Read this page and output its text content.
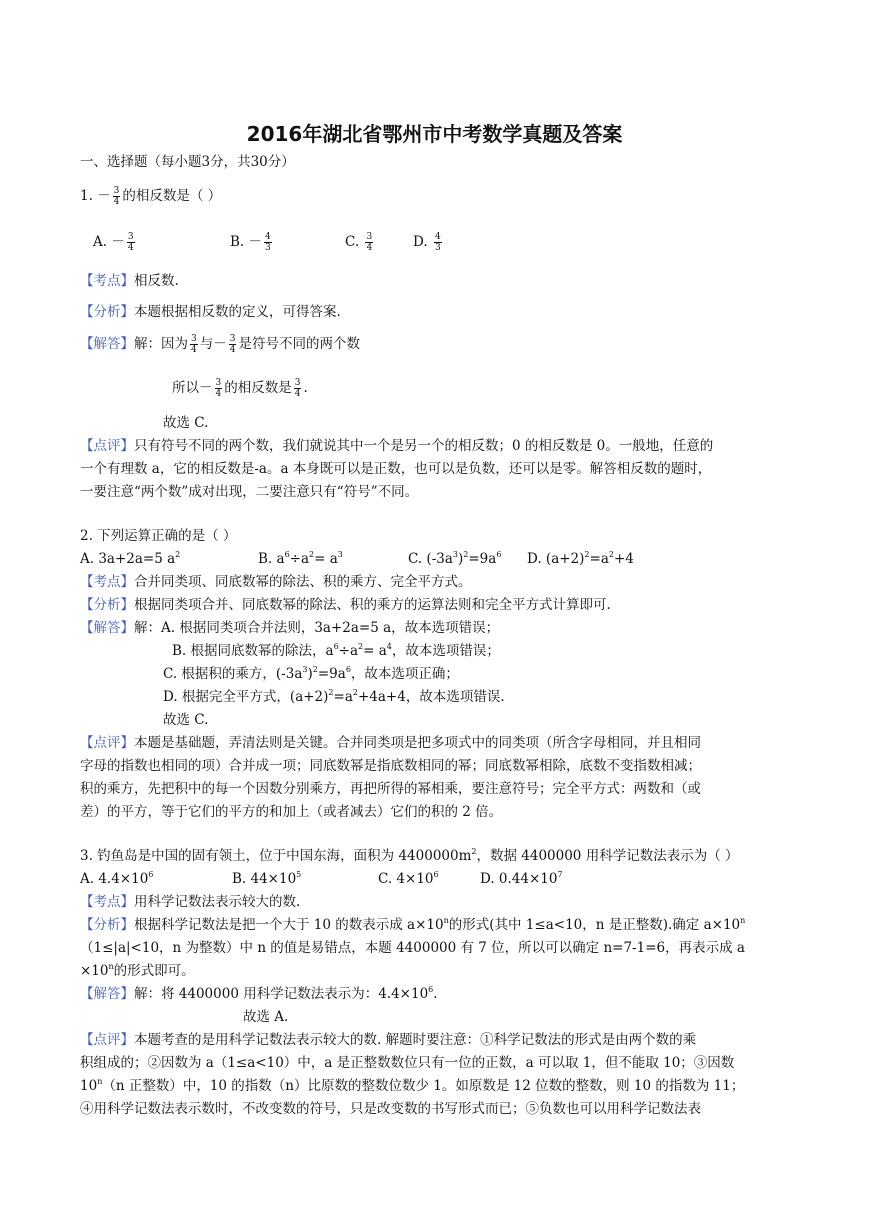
2016年湖北省鄂州市中考数学真题及答案
一、选择题（每小题3分，共30分）
1. － $\frac{3}{4}$ 的相反数是（ ）
A. － $\frac{3}{4}$	B. － $\frac{4}{3}$	C. $\frac{3}{4}$	D. $\frac{4}{3}$
【考点】相反数.
【分析】本题根据相反数的定义，可得答案.
【解答】解：因为 $\frac{3}{4}$ 与－ $\frac{3}{4}$ 是符号不同的两个数
所以－ $\frac{3}{4}$ 的相反数是 $\frac{3}{4}$ .
故选 C.
【点评】只有符号不同的两个数，我们就说其中一个是另一个的相反数；0 的相反数是 0。一般地，任意的
一个有理数 a，它的相反数是-a。a 本身既可以是正数，也可以是负数，还可以是零。解答相反数的题时，
一要注意“两个数”成对出现，二要注意只有“符号”不同。
2. 下列运算正确的是（ ）
A. 3a+2a=5 $a^2$	B. $a^6\div a^2= a^3$	C. $(-3a^3)^2=9a^6$ D. $(a+2)^2=a^2+4$
【考点】合并同类项、同底数幂的除法、积的乘方、完全平方式。
【分析】根据同类项合并、同底数幂的除法、积的乘方的运算法则和完全平方式计算即可.
【解答】解：A. 根据同类项合并法则，3a+2a=5 a，故本选项错误；
B. 根据同底数幂的除法，$a^6\div a^2= a^4$，故本选项错误；
C. 根据积的乘方，$(-3a^3)^2=9a^6$，故本选项正确；
D. 根据完全平方式，$(a+2)^2=a^2+4a+4$，故本选项错误.
故选 C.
【点评】本题是基础题，弄清法则是关键。合并同类项是把多项式中的同类项（所含字母相同，并且相同
字母的指数也相同的项）合并成一项；同底数幂是指底数相同的幂；同底数幂相除，底数不变指数相减；
积的乘方，先把积中的每一个因数分别乘方，再把所得的幂相乘，要注意符号；完全平方式：两数和（或
差）的平方，等于它们的平方的和加上（或者减去）它们的积的 2 倍。
3. 钓鱼岛是中国的固有领土，位于中国东海，面积为 $4400000m^2$，数据 4400000 用科学记数法表示为（ ）
A. $4.4\times 10^6$	B. $44\times 10^5$	C. $4\times 10^6$	D. $0.44\times 10^7$
【考点】用科学记数法表示较大的数.
【分析】根据科学记数法是把一个大于 10 的数表示成 $a\times 10^n$的形式(其中 1≤a<10，n 是正整数).确定 $a\times 10^n$
（1≤|a|<10，n 为整数）中 n 的值是易错点，本题 4400000 有 7 位，所以可以确定 n=7-1=6，再表示成 a
$\times 10^n$的形式即可。
【解答】解：将 4400000 用科学记数法表示为：$4.4\times 10^6$.
故选 A.
【点评】本题考查的是用科学记数法表示较大的数. 解题时要注意：①科学记数法的形式是由两个数的乘
积组成的；②因数为 a（1≤a<10）中，a 是正整数数位只有一位的正数，a 可以取 1，但不能取 10；③因数
10$^n$（n 正整数）中，10 的指数（n）比原数的整数位数少 1。如原数是 12 位数的整数，则 10 的指数为 11；
④用科学记数法表示数时，不改变数的符号，只是改变数的书写形式而已；⑤负数也可以用科学记数法表
